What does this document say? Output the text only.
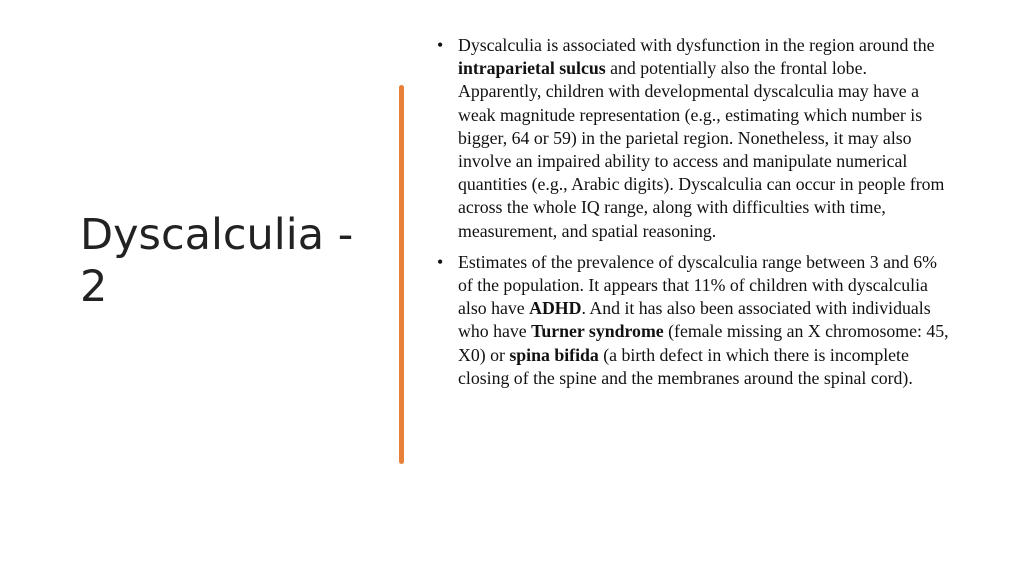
Dyscalculia - 2
• Dyscalculia is associated with dysfunction in the region around the intraparietal sulcus and potentially also the frontal lobe. Apparently, children with developmental dyscalculia may have a weak magnitude representation (e.g., estimating which number is bigger, 64 or 59) in the parietal region. Nonetheless, it may also involve an impaired ability to access and manipulate numerical quantities (e.g., Arabic digits). Dyscalculia can occur in people from across the whole IQ range, along with difficulties with time, measurement, and spatial reasoning.
• Estimates of the prevalence of dyscalculia range between 3 and 6% of the population. It appears that 11% of children with dyscalculia also have ADHD. And it has also been associated with individuals who have Turner syndrome (female missing an X chromosome: 45, X0) or spina bifida (a birth defect in which there is incomplete closing of the spine and the membranes around the spinal cord).
